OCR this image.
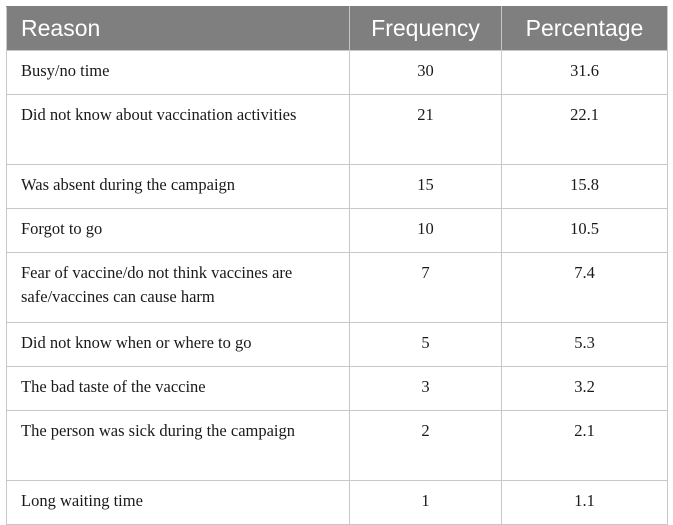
Reason	Frequency	Percentage
Busy/no time	30	31.6
Did not know about vaccination activities	21	22.1
Was absent during the campaign	15	15.8
Forgot to go	10	10.5
Fear of vaccine/do not think vaccines are safe/vaccines can cause harm	7	7.4
Did not know when or where to go	5	5.3
The bad taste of the vaccine	3	3.2
The person was sick during the campaign	2	2.1
Long waiting time	1	1.1
